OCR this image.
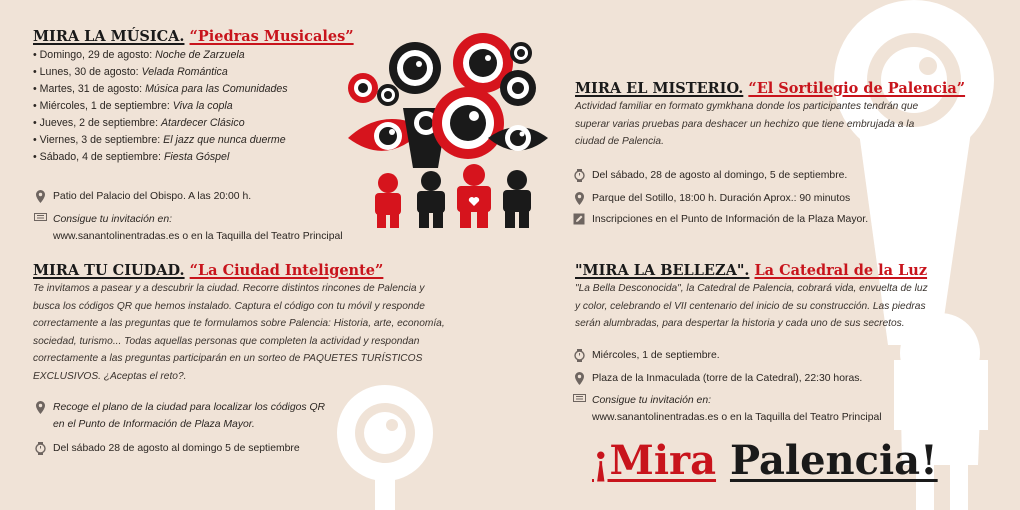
MIRA LA MÚSICA. “Piedras Musicales”
• Domingo, 29 de agosto: Noche de Zarzuela
• Lunes, 30 de agosto: Velada Romántica
• Martes, 31 de agosto: Música para las Comunidades
• Miércoles, 1 de septiembre: Viva la copla
• Jueves, 2 de septiembre: Atardecer Clásico
• Viernes, 3 de septiembre: El jazz que nunca duerme
• Sábado, 4 de septiembre: Fiesta Góspel
Patio del Palacio del Obispo. A las 20:00 h.
Consigue tu invitación en:
www.sanantolinentradas.es o en la Taquilla del Teatro Principal
MIRA TU CIUDAD. “La Ciudad Inteligente”
Te invitamos a pasear y a descubrir la ciudad. Recorre distintos rincones de Palencia y
busca los códigos QR que hemos instalado. Captura el código con tu móvil y responde
correctamente a las preguntas que te formulamos sobre Palencia: Historia, arte, economía,
sociedad, turismo... Todas aquellas personas que completen la actividad y respondan
correctamente a las preguntas participarán en un sorteo de PAQUETES TURÍSTICOS
EXCLUSIVOS. ¿Aceptas el reto?.
Recoge el plano de la ciudad para localizar los códigos QR
en el Punto de Información de Plaza Mayor.
Del sábado 28 de agosto al domingo 5 de septiembre
MIRA EL MISTERIO. “El Sortilegio de Palencia”
Actividad familiar en formato gymkhana donde los participantes tendrán que
superar varias pruebas para deshacer un hechizo que tiene embrujada a la
ciudad de Palencia.
Del sábado, 28 de agosto al domingo, 5 de septiembre.
Parque del Sotillo, 18:00 h. Duración Aprox.: 90 minutos
Inscripciones en el Punto de Información de la Plaza Mayor.
"MIRA LA BELLEZA". La Catedral de la Luz
"La Bella Desconocida", la Catedral de Palencia, cobrará vida, envuelta de luz
y color, celebrando el VII centenario del inicio de su construcción. Las piedras
serán alumbradas, para despertar la historia y cada uno de sus secretos.
Miércoles, 1 de septiembre.
Plaza de la Inmaculada (torre de la Catedral), 22:30 horas.
Consigue tu invitación en:
www.sanantolinentradas.es o en la Taquilla del Teatro Principal
¡Mira Palencia!
